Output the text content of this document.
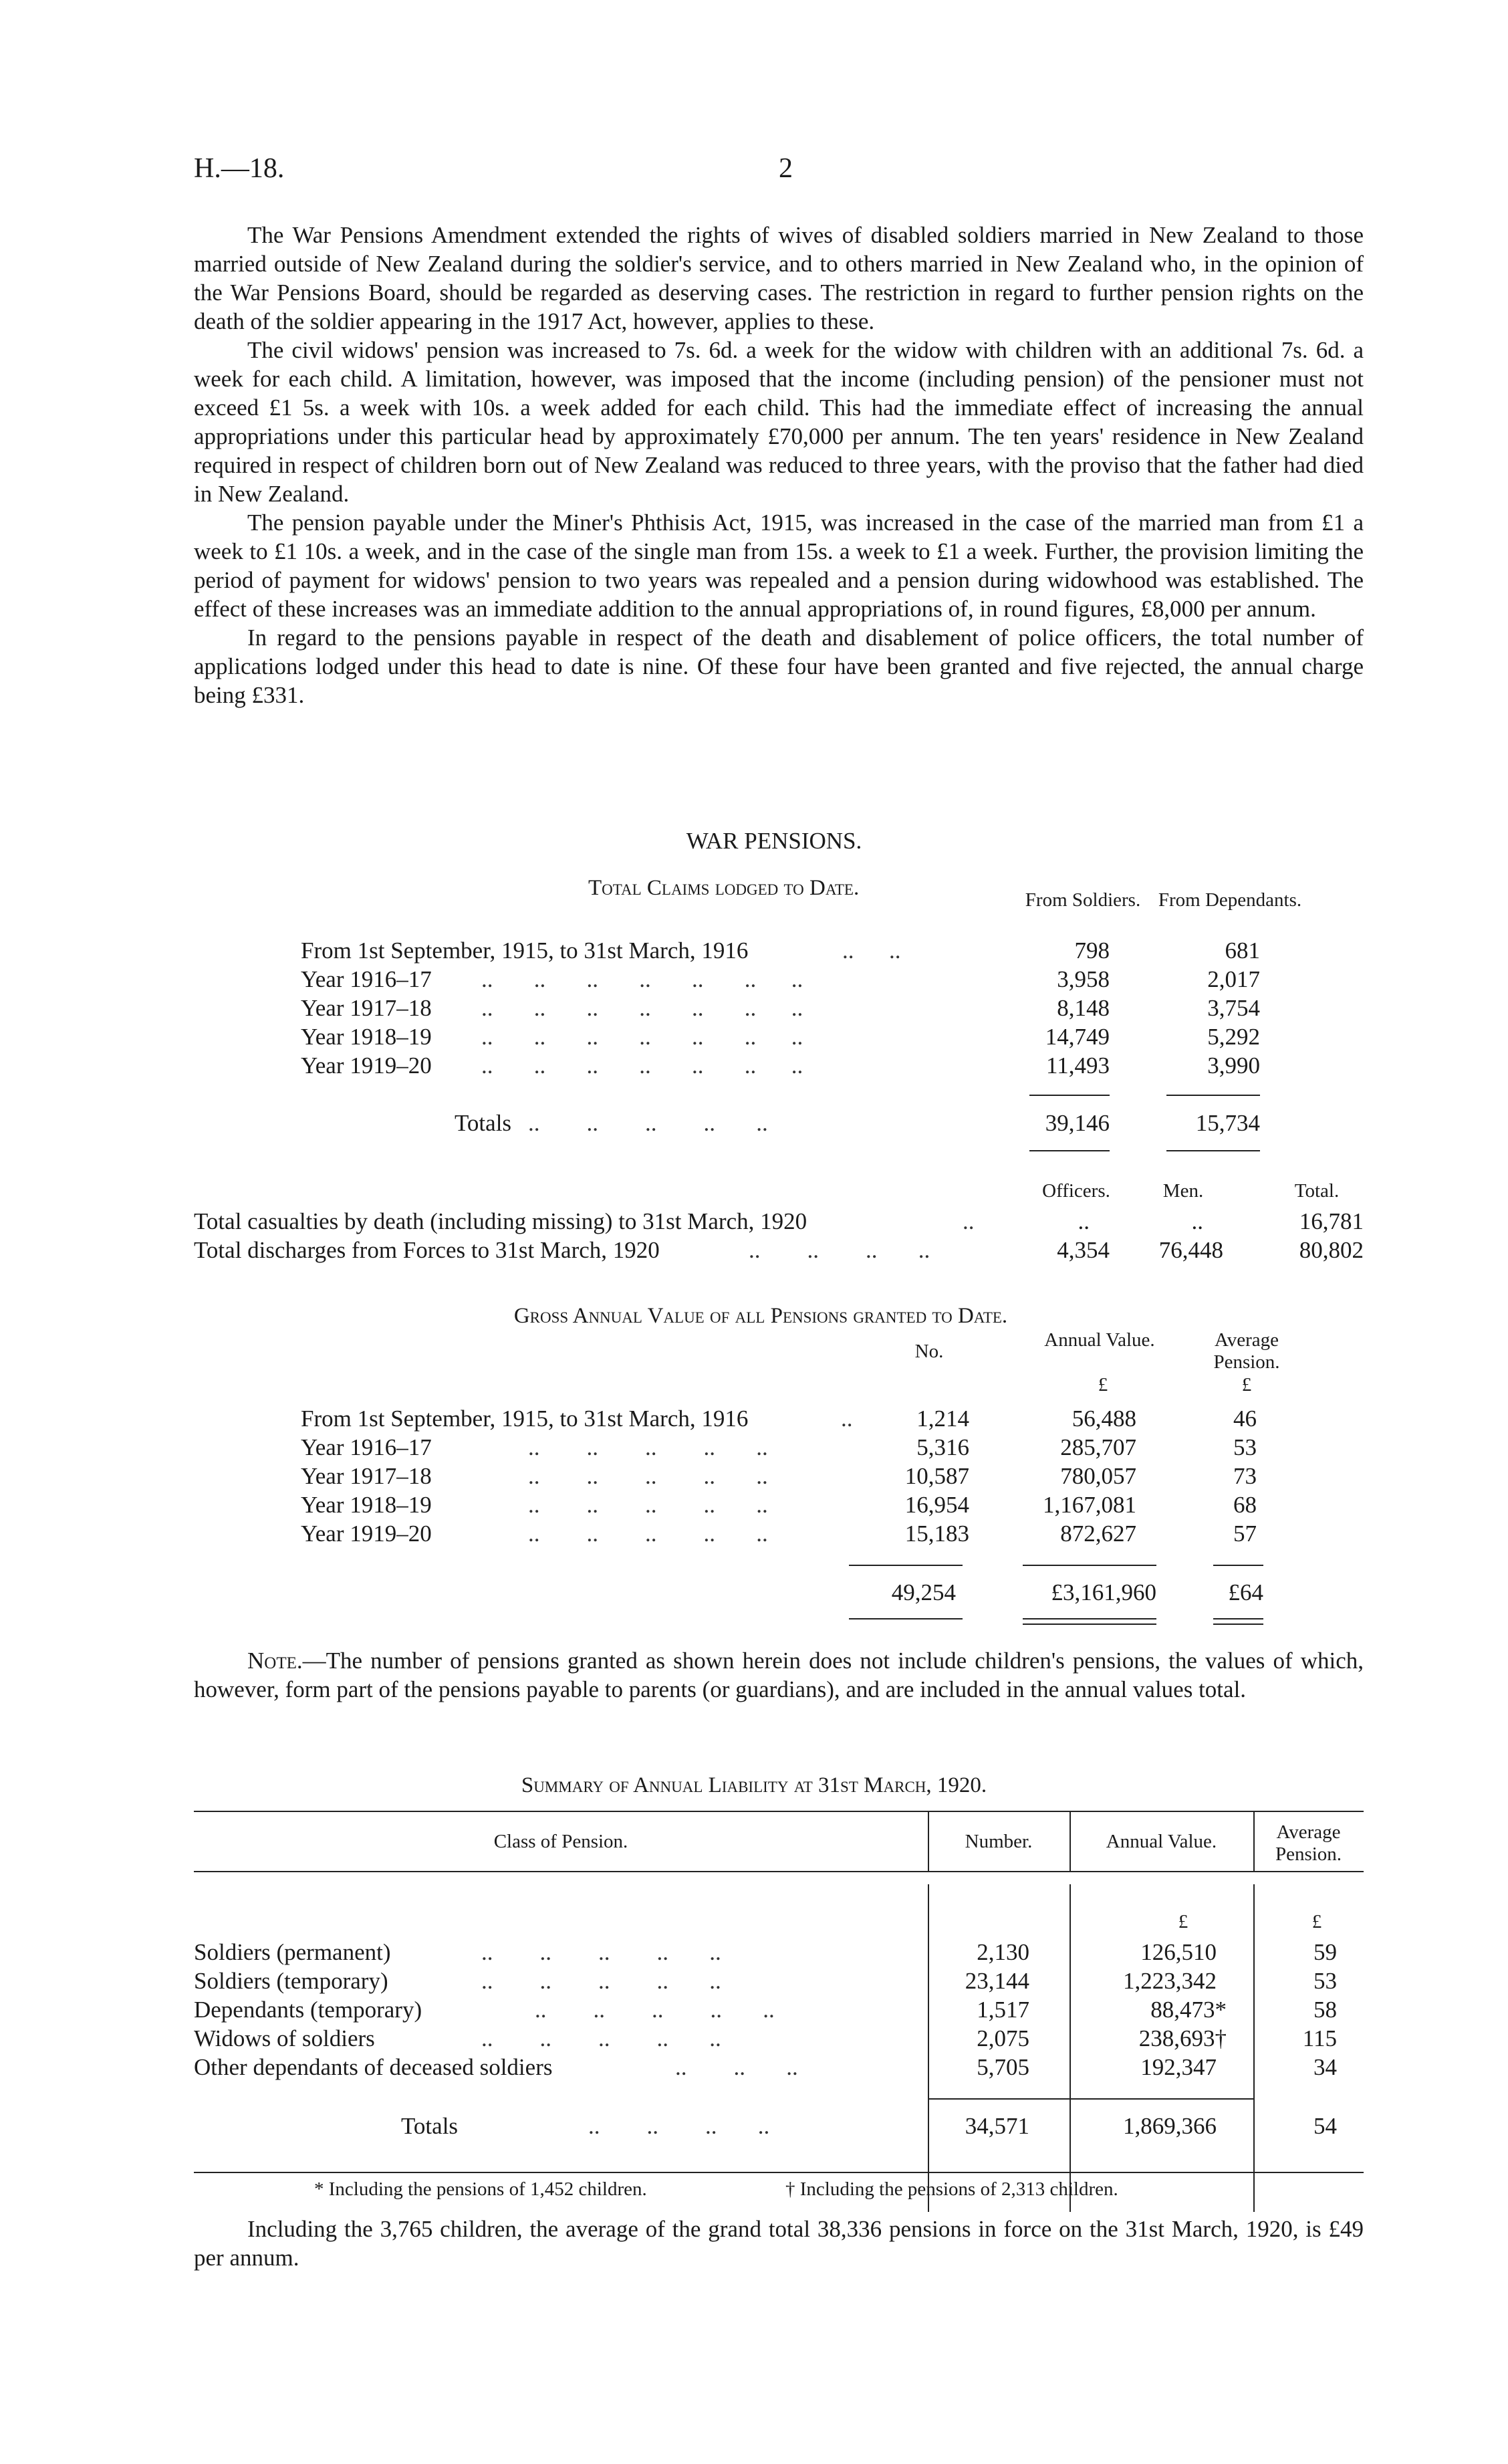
H.—18.	2

The War Pensions Amendment extended the rights of wives of disabled soldiers married in New Zealand to those married outside of New Zealand during the soldier's service, and to others married in New Zealand who, in the opinion of the War Pensions Board, should be regarded as deserving cases. The restriction in regard to further pension rights on the death of the soldier appearing in the 1917 Act, however, applies to these.

The civil widows' pension was increased to 7s. 6d. a week for the widow with children with an additional 7s. 6d. a week for each child. A limitation, however, was imposed that the income (including pension) of the pensioner must not exceed £1 5s. a week with 10s. a week added for each child. This had the immediate effect of increasing the annual appropriations under this particular head by approximately £70,000 per annum. The ten years' residence in New Zealand required in respect of children born out of New Zealand was reduced to three years, with the proviso that the father had died in New Zealand.

The pension payable under the Miner's Phthisis Act, 1915, was increased in the case of the married man from £1 a week to £1 10s. a week, and in the case of the single man from 15s. a week to £1 a week. Further, the provision limiting the period of payment for widows' pension to two years was repealed and a pension during widowhood was established. The effect of these increases was an immediate addition to the annual appropriations of, in round figures, £8,000 per annum.

In regard to the pensions payable in respect of the death and disablement of police officers, the total number of applications lodged under this head to date is nine. Of these four have been granted and five rejected, the annual charge being £331.

WAR PENSIONS.
Total Claims lodged to Date.	From Soldiers. From Dependants.
From 1st September, 1915, to 31st March, 1916	..      ..	798	681
Year 1916–17 ..       ..       ..       ..       ..       ..      ..	3,958	2,017
Year 1917–18 ..       ..       ..       ..       ..       ..      ..	8,148	3,754
Year 1918–19 ..       ..       ..       ..       ..       ..      ..	14,749	5,292
Year 1919–20 ..       ..       ..       ..       ..       ..      ..	11,493	3,990
Totals ..        ..        ..        ..       ..	39,146	15,734
Officers.	Men.	Total.
Total casualties by death (including missing) to 31st March, 1920	..	..	..	16,781
Total discharges from Forces to 31st March, 1920	..        ..        ..       ..	4,354	76,448	80,802
Gross Annual Value of all Pensions granted to Date.
No.
Annual Value.	Average Pension.
£	£
From 1st September, 1915, to 31st March, 1916	..	1,214	56,488	46
Year 1916–17	..        ..        ..        ..       ..	5,316	285,707	53
Year 1917–18	..        ..        ..        ..       ..	10,587	780,057	73
Year 1918–19	..        ..        ..        ..       ..	16,954	1,167,081	68
Year 1919–20	..        ..        ..        ..       ..	15,183	872,627	57
49,254	£3,161,960	£64

Note.—The number of pensions granted as shown herein does not include children's pensions, the values of which, however, form part of the pensions payable to parents (or guardians), and are included in the annual values total.

Summary of Annual Liability at 31st March, 1920.
Class of Pension.	Number.	Annual Value.	Average Pension.
£	£
Soldiers (permanent)	..        ..        ..        ..       ..	2,130	126,510	59
Soldiers (temporary)	..        ..        ..        ..       ..	23,144	1,223,342	53
Dependants (temporary)	..        ..        ..        ..       ..	1,517	88,473*	58
Widows of soldiers	..        ..        ..        ..       ..	2,075	238,693†	115
Other dependants of deceased soldiers	..        ..       ..	5,705	192,347	34
Totals	..        ..        ..       ..	34,571	1,869,366	54
* Including the pensions of 1,452 children.	† Including the pensions of 2,313 children.

Including the 3,765 children, the average of the grand total 38,336 pensions in force on the 31st March, 1920, is £49 per annum.
